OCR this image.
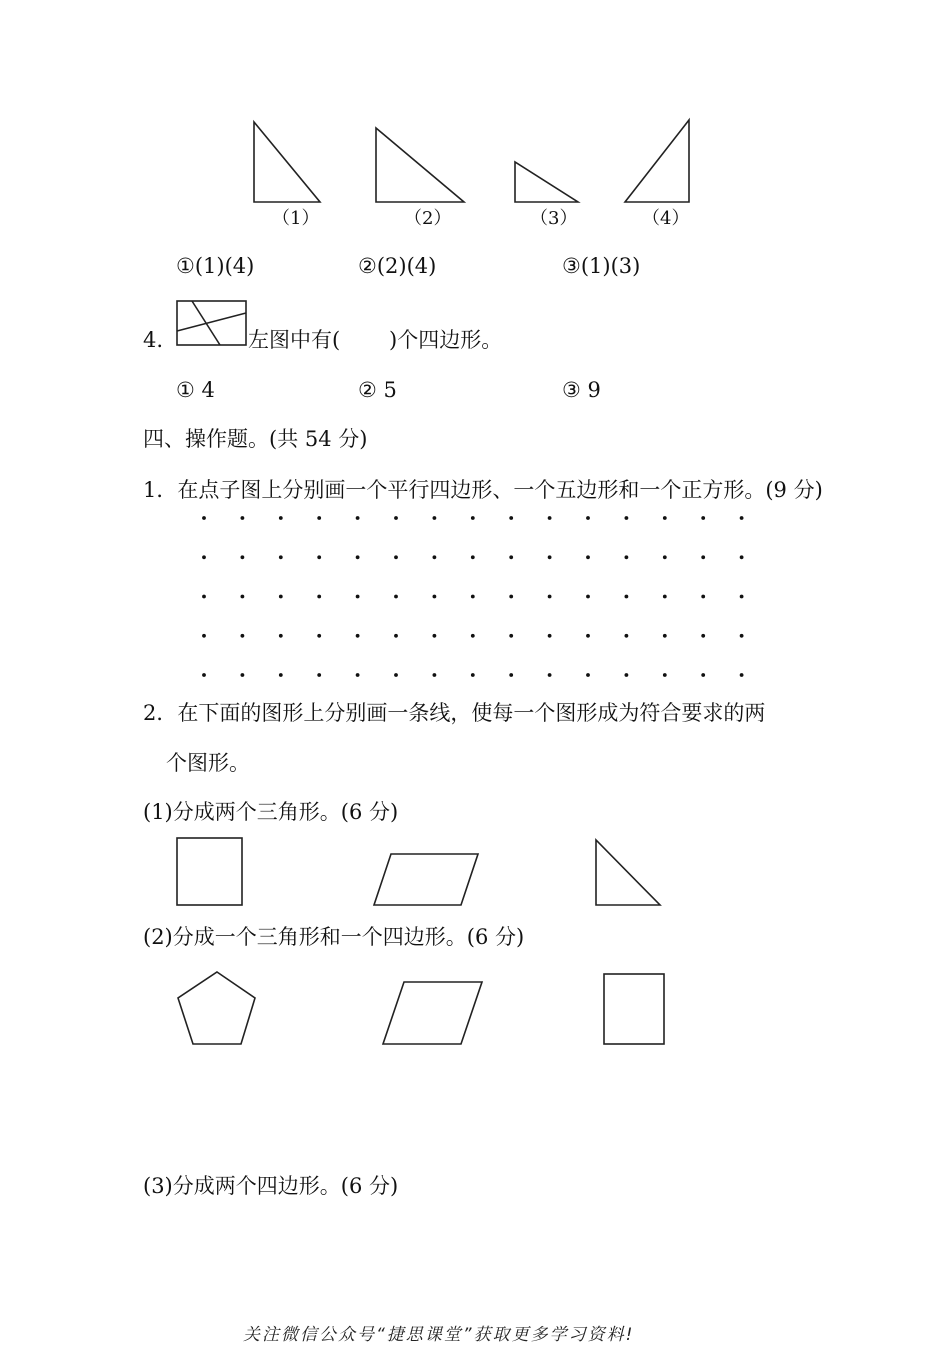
（1）	（2）	（3）	（4）
①(1)(4)	②(2)(4)	③(1)(3)
4.	左图中有( )个四边形。
① 4	② 5	③ 9
四、操作题。(共 54 分)
1．在点子图上分别画一个平行四边形、一个五边形和一个正方形。(9 分)
2．在下面的图形上分别画一条线，使每一个图形成为符合要求的两
个图形。
(1)分成两个三角形。(6 分)
(2)分成一个三角形和一个四边形。(6 分)
(3)分成两个四边形。(6 分)
关注微信公众号“捷思课堂”获取更多学习资料!
